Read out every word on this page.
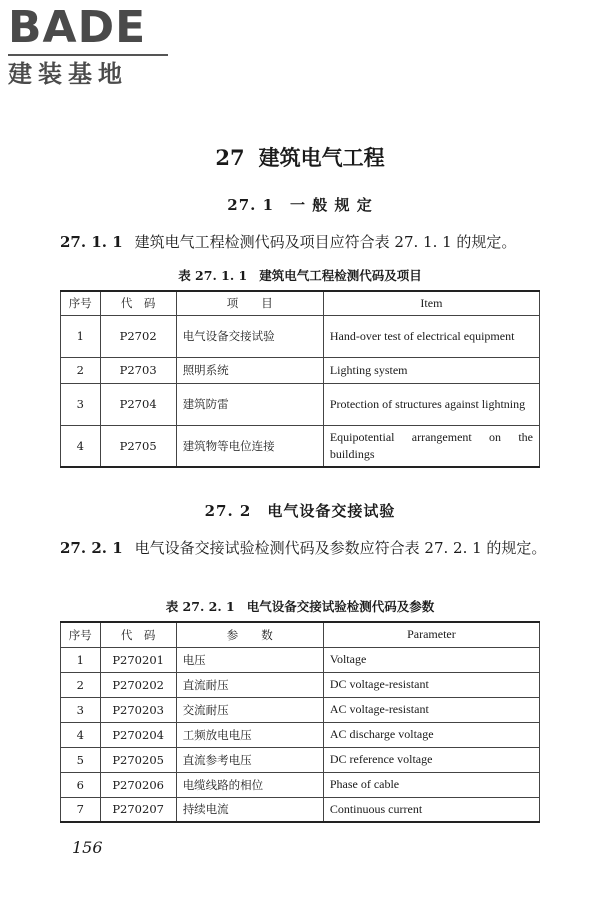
BADE
建装基地
27 建筑电气工程
27. 1 一 般 规 定
27. 1. 1 建筑电气工程检测代码及项目应符合表 27. 1. 1 的规定。
表 27. 1. 1 建筑电气工程检测代码及项目
序号	代　码	项　　目	Item
1	P2702	电气设备交接试验	Hand-over test of electrical equipment
2	P2703	照明系统	Lighting system
3	P2704	建筑防雷	Protection of structures against lightning
4	P2705	建筑物等电位连接	Equipotential arrangement on the buildings
27. 2 电气设备交接试验
27. 2. 1 电气设备交接试验检测代码及参数应符合表 27. 2. 1 的规定。
表 27. 2. 1 电气设备交接试验检测代码及参数
序号	代　码	参　　数	Parameter
1	P270201	电压	Voltage
2	P270202	直流耐压	DC voltage-resistant
3	P270203	交流耐压	AC voltage-resistant
4	P270204	工频放电电压	AC discharge voltage
5	P270205	直流参考电压	DC reference voltage
6	P270206	电缆线路的相位	Phase of cable
7	P270207	持续电流	Continuous current
156
